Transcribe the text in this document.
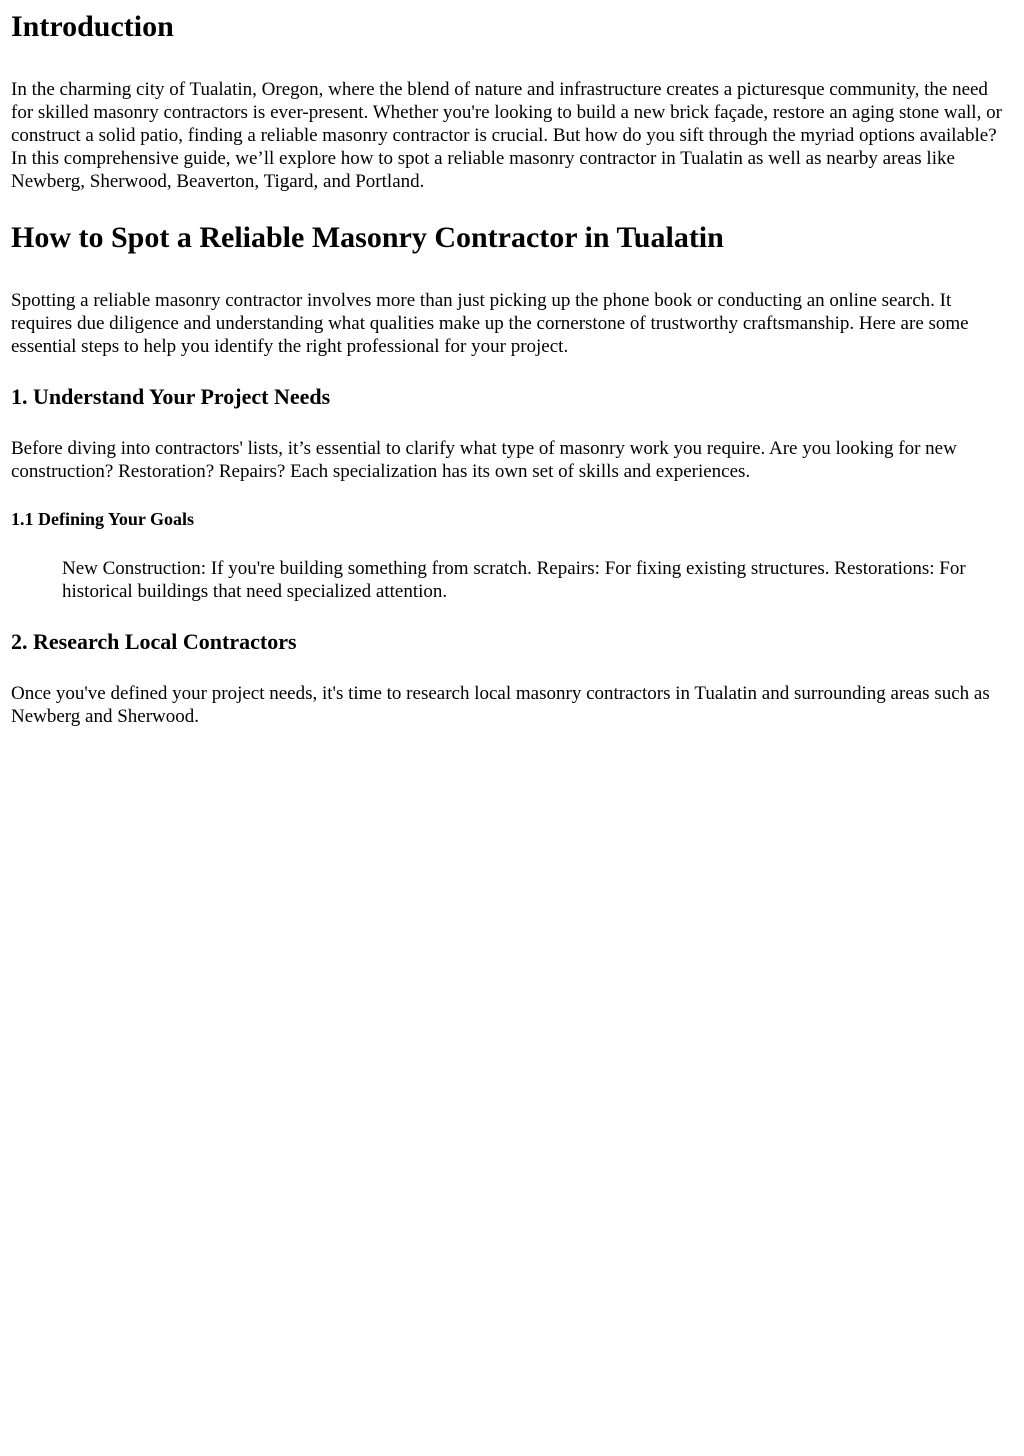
Introduction

In the charming city of Tualatin, Oregon, where the blend of nature and infrastructure creates a picturesque community, the need for skilled masonry contractors is ever-present. Whether you're looking to build a new brick façade, restore an aging stone wall, or construct a solid patio, finding a reliable masonry contractor is crucial. But how do you sift through the myriad options available? In this comprehensive guide, we’ll explore how to spot a reliable masonry contractor in Tualatin as well as nearby areas like Newberg, Sherwood, Beaverton, Tigard, and Portland.

How to Spot a Reliable Masonry Contractor in Tualatin

Spotting a reliable masonry contractor involves more than just picking up the phone book or conducting an online search. It requires due diligence and understanding what qualities make up the cornerstone of trustworthy craftsmanship. Here are some essential steps to help you identify the right professional for your project.

1. Understand Your Project Needs

Before diving into contractors' lists, it’s essential to clarify what type of masonry work you require. Are you looking for new construction? Restoration? Repairs? Each specialization has its own set of skills and experiences.

1.1 Defining Your Goals
New Construction: If you're building something from scratch. Repairs: For fixing existing structures. Restorations: For historical buildings that need specialized attention.
2. Research Local Contractors

Once you've defined your project needs, it's time to research local masonry contractors in Tualatin and surrounding areas such as Newberg and Sherwood.
